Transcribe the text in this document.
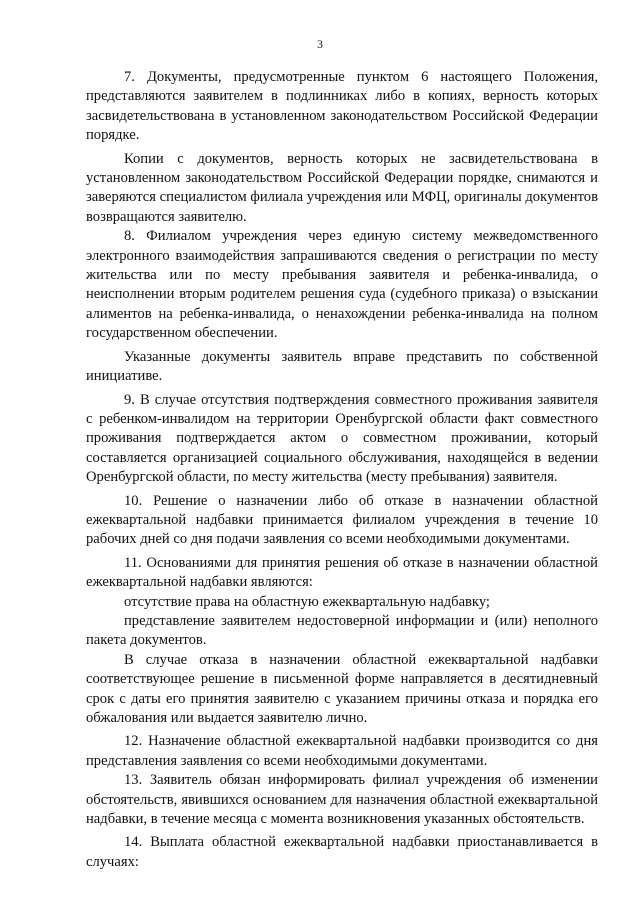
3

7. Документы, предусмотренные пунктом 6 настоящего Положения, представляются заявителем в подлинниках либо в копиях, верность которых засвидетельствована в установленном законодательством Российской Федерации порядке.

Копии с документов, верность которых не засвидетельствована в установленном законодательством Российской Федерации порядке, снимаются и заверяются специалистом филиала учреждения или МФЦ, оригиналы документов возвращаются заявителю.

8. Филиалом учреждения через единую систему межведомственного электронного взаимодействия запрашиваются сведения о регистрации по месту жительства или по месту пребывания заявителя и ребенка-инвалида, о неисполнении вторым родителем решения суда (судебного приказа) о взыскании алиментов на ребенка-инвалида, о ненахождении ребенка-инвалида на полном государственном обеспечении.

Указанные документы заявитель вправе представить по собственной инициативе.

9. В случае отсутствия подтверждения совместного проживания заявителя с ребенком-инвалидом на территории Оренбургской области факт совместного проживания подтверждается актом о совместном проживании, который составляется организацией социального обслуживания, находящейся в ведении Оренбургской области, по месту жительства (месту пребывания) заявителя.

10. Решение о назначении либо об отказе в назначении областной ежеквартальной надбавки принимается филиалом учреждения в течение 10 рабочих дней со дня подачи заявления со всеми необходимыми документами.

11. Основаниями для принятия решения об отказе в назначении областной ежеквартальной надбавки являются:

отсутствие права на областную ежеквартальную надбавку;

представление заявителем недостоверной информации и (или) неполного пакета документов.

В случае отказа в назначении областной ежеквартальной надбавки соответствующее решение в письменной форме направляется в десятидневный срок с даты его принятия заявителю с указанием причины отказа и порядка его обжалования или выдается заявителю лично.

12. Назначение областной ежеквартальной надбавки производится со дня представления заявления со всеми необходимыми документами.

13. Заявитель обязан информировать филиал учреждения об изменении обстоятельств, явившихся основанием для назначения областной ежеквартальной надбавки, в течение месяца с момента возникновения указанных обстоятельств.

14. Выплата областной ежеквартальной надбавки приостанавливается в случаях:
